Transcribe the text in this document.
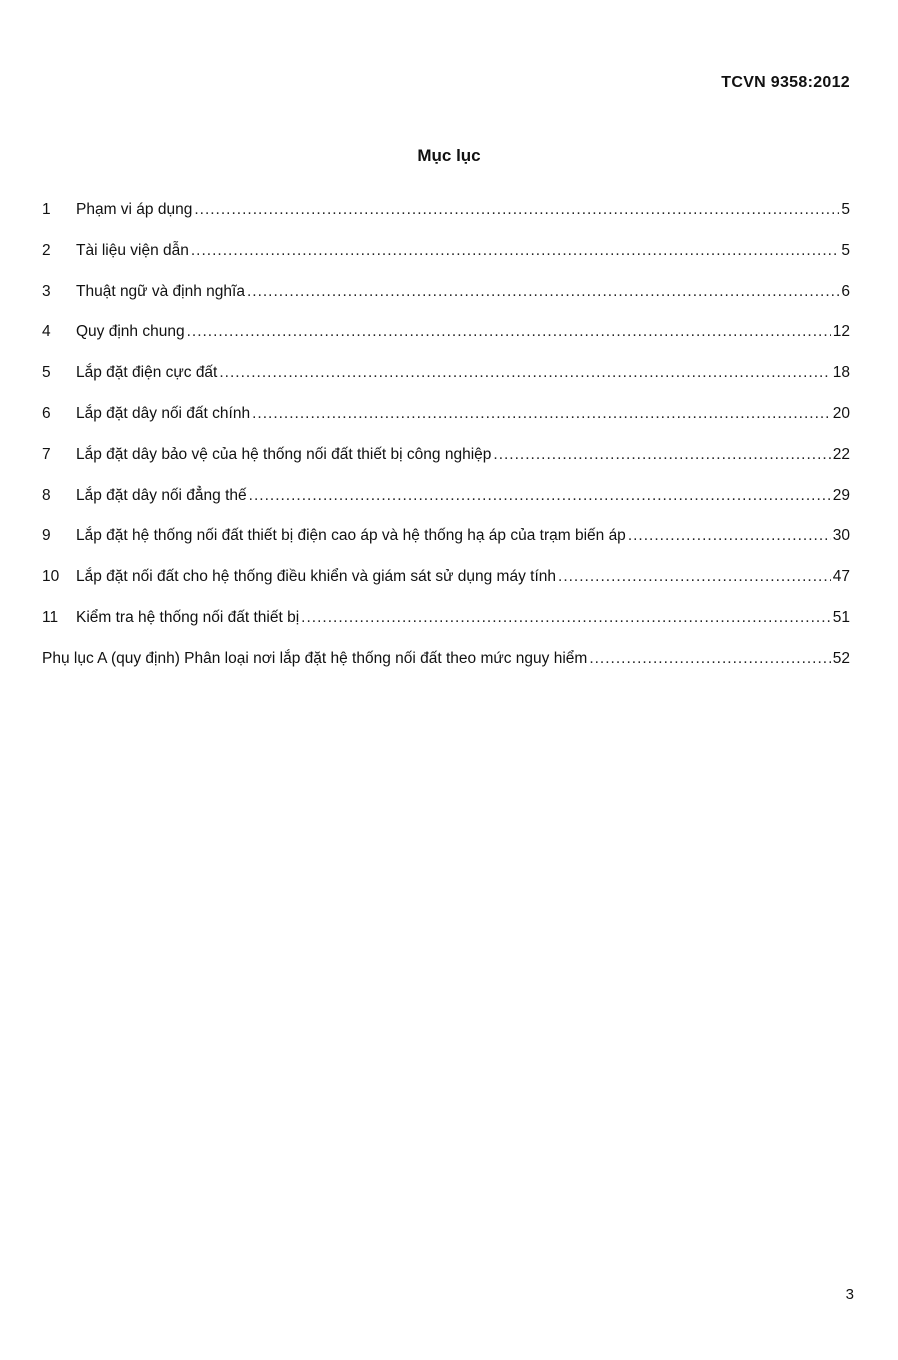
TCVN 9358:2012
Mục lục
1	Phạm vi áp dụng .....	5
2	Tài liệu viện dẫn .....	5
3	Thuật ngữ và định nghĩa .....	6
4	Quy định chung .....	12
5	Lắp đặt điện cực đất .....	18
6	Lắp đặt dây nối đất chính .....	20
7	Lắp đặt dây bảo vệ của hệ thống nối đất thiết bị công nghiệp .....	22
8	Lắp đặt dây nối đẳng thế .....	29
9	Lắp đặt hệ thống nối đất thiết bị điện cao áp và hệ thống hạ áp của trạm biến áp .....	30
10	Lắp đặt nối đất cho hệ thống điều khiển và giám sát sử dụng máy tính .....	47
11	Kiểm tra hệ thống nối đất thiết bị .....	51
Phụ lục A (quy định) Phân loại nơi lắp đặt hệ thống nối đất theo mức nguy hiểm .....	52
3
